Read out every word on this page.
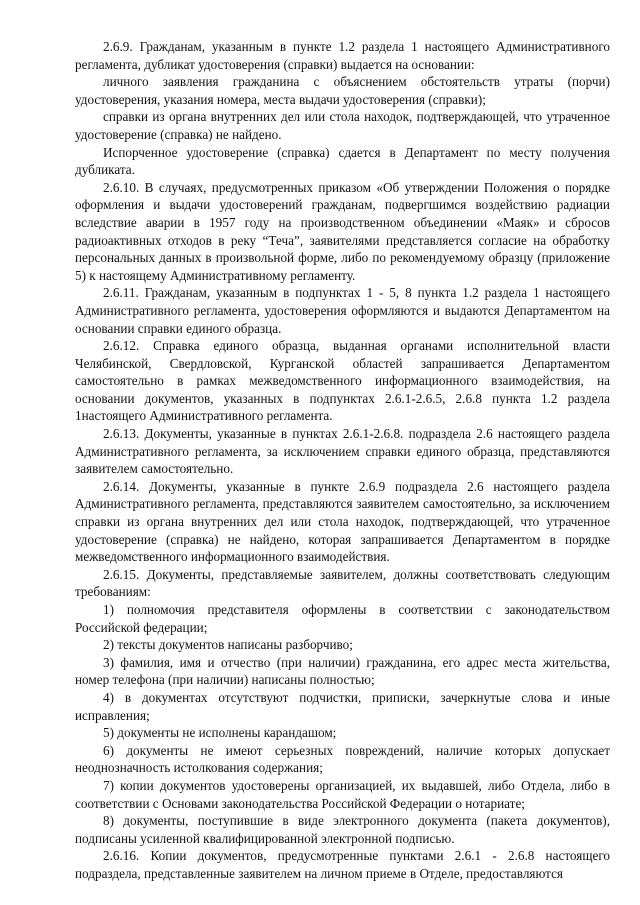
2.6.9. Гражданам, указанным в пункте 1.2 раздела 1 настоящего Административного регламента, дубликат удостоверения (справки) выдается на основании:

личного заявления гражданина с объяснением обстоятельств утраты (порчи) удостоверения, указания номера, места выдачи удостоверения (справки);

справки из органа внутренних дел или стола находок, подтверждающей, что утраченное удостоверение (справка) не найдено.

Испорченное удостоверение (справка) сдается в Департамент по месту получения дубликата.

2.6.10. В случаях, предусмотренных приказом «Об утверждении Положения о порядке оформления и выдачи удостоверений гражданам, подвергшимся воздействию радиации вследствие аварии в 1957 году на производственном объединении «Маяк» и сбросов радиоактивных отходов в реку “Теча”, заявителями представляется согласие на обработку персональных данных в произвольной форме, либо по рекомендуемому образцу (приложение 5) к настоящему Административному регламенту.

2.6.11. Гражданам, указанным в подпунктах 1 - 5, 8 пункта 1.2 раздела 1 настоящего Административного регламента, удостоверения оформляются и выдаются Департаментом на основании справки единого образца.

2.6.12. Справка единого образца, выданная органами исполнительной власти Челябинской, Свердловской, Курганской областей запрашивается Департаментом самостоятельно в рамках межведомственного информационного взаимодействия, на основании документов, указанных в подпунктах 2.6.1-2.6.5, 2.6.8 пункта 1.2 раздела 1настоящего Административного регламента.

2.6.13. Документы, указанные в пунктах 2.6.1-2.6.8. подраздела 2.6 настоящего раздела Административного регламента, за исключением справки единого образца, представляются заявителем самостоятельно.

2.6.14. Документы, указанные в пункте 2.6.9 подраздела 2.6 настоящего раздела Административного регламента, представляются заявителем самостоятельно, за исключением справки из органа внутренних дел или стола находок, подтверждающей, что утраченное удостоверение (справка) не найдено, которая запрашивается Департаментом в порядке межведомственного информационного взаимодействия.

2.6.15. Документы, представляемые заявителем, должны соответствовать следующим требованиям:

1) полномочия представителя оформлены в соответствии с законодательством Российской федерации;

2) тексты документов написаны разборчиво;

3) фамилия, имя и отчество (при наличии) гражданина, его адрес места жительства, номер телефона (при наличии) написаны полностью;

4) в документах отсутствуют подчистки, приписки, зачеркнутые слова и иные исправления;

5) документы не исполнены карандашом;

6) документы не имеют серьезных повреждений, наличие которых допускает неоднозначность истолкования содержания;

7) копии документов удостоверены организацией, их выдавшей, либо Отдела, либо в соответствии с Основами законодательства Российской Федерации о нотариате;

8) документы, поступившие в виде электронного документа (пакета документов), подписаны усиленной квалифицированной электронной подписью.

2.6.16. Копии документов, предусмотренные пунктами 2.6.1 - 2.6.8 настоящего подраздела, представленные заявителем на личном приеме в Отделе, предоставляются
